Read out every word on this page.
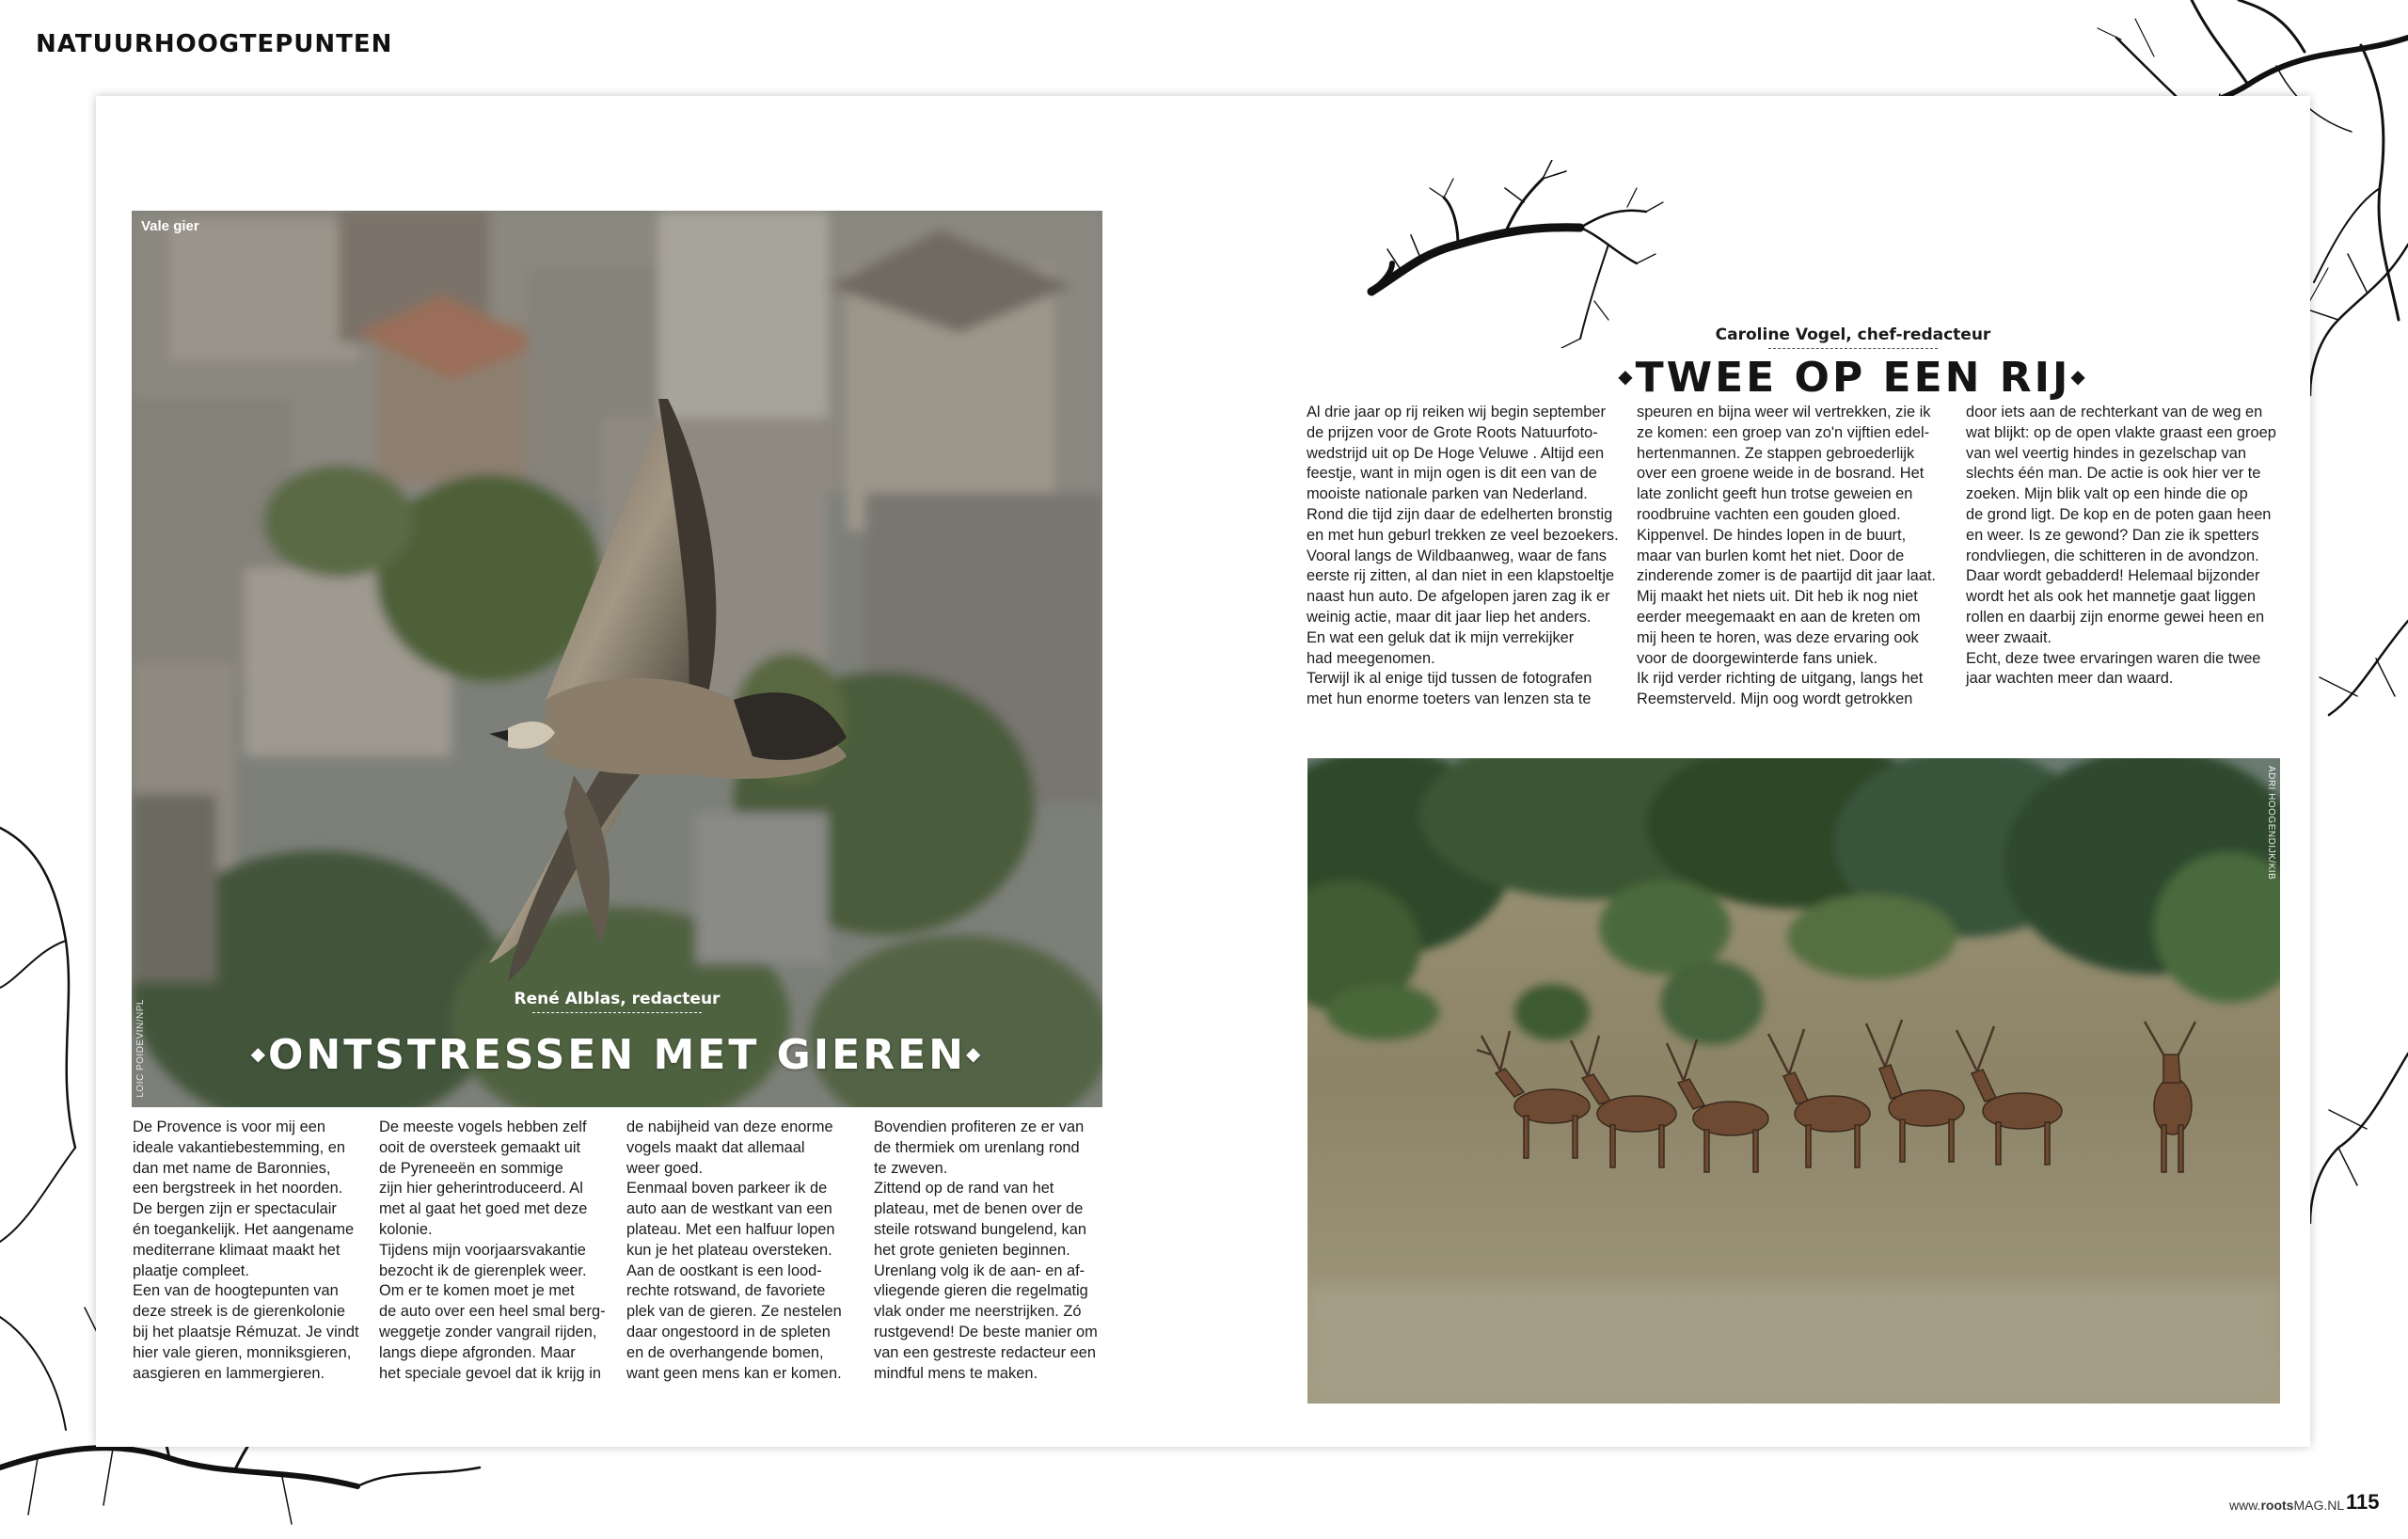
NATUURHOOGTEPUNTEN
Vale gier
LOIC POIDEVIN/NPL
René Alblas, redacteur
◆ONTSTRESSEN MET GIEREN◆
De Provence is voor mij een
ideale vakantiebestemming, en
dan met name de Baronnies,
een bergstreek in het noorden.
De bergen zijn er spectaculair
én toegankelijk. Het aangename
mediterrane klimaat maakt het
plaatje compleet.
Een van de hoogtepunten van
deze streek is de gierenkolonie
bij het plaatsje Rémuzat. Je vindt
hier vale gieren, monniksgieren,
aasgieren en lammergieren.
De meeste vogels hebben zelf
ooit de oversteek gemaakt uit
de Pyreneeën en sommige
zijn hier geherintroduceerd. Al
met al gaat het goed met deze
kolonie.
Tijdens mijn voorjaarsvakantie
bezocht ik de gierenplek weer.
Om er te komen moet je met
de auto over een heel smal berg-
weggetje zonder vangrail rijden,
langs diepe afgronden. Maar
het speciale gevoel dat ik krijg in
de nabijheid van deze enorme
vogels maakt dat allemaal
weer goed.
Eenmaal boven parkeer ik de
auto aan de westkant van een
plateau. Met een halfuur lopen
kun je het plateau oversteken.
Aan de oostkant is een lood-
rechte rotswand, de favoriete
plek van de gieren. Ze nestelen
daar ongestoord in de spleten
en de overhangende bomen,
want geen mens kan er komen.
Bovendien profiteren ze er van
de thermiek om urenlang rond
te zweven.
Zittend op de rand van het
plateau, met de benen over de
steile rotswand bungelend, kan
het grote genieten beginnen.
Urenlang volg ik de aan- en af-
vliegende gieren die regelmatig
vlak onder me neerstrijken. Zó
rustgevend! De beste manier om
van een gestreste redacteur een
mindful mens te maken.
Caroline Vogel, chef-redacteur
◆TWEE OP EEN RIJ◆
Al drie jaar op rij reiken wij begin september
de prijzen voor de Grote Roots Natuurfoto-
wedstrijd uit op De Hoge Veluwe . Altijd een
feestje, want in mijn ogen is dit een van de
mooiste nationale parken van Nederland.
Rond die tijd zijn daar de edelherten bronstig
en met hun geburl trekken ze veel bezoekers.
Vooral langs de Wildbaanweg, waar de fans
eerste rij zitten, al dan niet in een klapstoeltje
naast hun auto. De afgelopen jaren zag ik er
weinig actie, maar dit jaar liep het anders.
En wat een geluk dat ik mijn verrekijker
had meegenomen.
Terwijl ik al enige tijd tussen de fotografen
met hun enorme toeters van lenzen sta te
speuren en bijna weer wil vertrekken, zie ik
ze komen: een groep van zo'n vijftien edel-
hertenmannen. Ze stappen gebroederlijk
over een groene weide in de bosrand. Het
late zonlicht geeft hun trotse geweien en
roodbruine vachten een gouden gloed.
Kippenvel. De hindes lopen in de buurt,
maar van burlen komt het niet. Door de
zinderende zomer is de paartijd dit jaar laat.
Mij maakt het niets uit. Dit heb ik nog niet
eerder meegemaakt en aan de kreten om
mij heen te horen, was deze ervaring ook
voor de doorgewinterde fans uniek.
Ik rijd verder richting de uitgang, langs het
Reemsterveld. Mijn oog wordt getrokken
door iets aan de rechterkant van de weg en
wat blijkt: op de open vlakte graast een groep
van wel veertig hindes in gezelschap van
slechts één man. De actie is ook hier ver te
zoeken. Mijn blik valt op een hinde die op
de grond ligt. De kop en de poten gaan heen
en weer. Is ze gewond? Dan zie ik spetters
rondvliegen, die schitteren in de avondzon.
Daar wordt gebadderd! Helemaal bijzonder
wordt het als ook het mannetje gaat liggen
rollen en daarbij zijn enorme gewei heen en
weer zwaait.
Echt, deze twee ervaringen waren die twee
jaar wachten meer dan waard.
ADRI HOOGENDIJK/KIB
www.rootsMAG.NL 115
